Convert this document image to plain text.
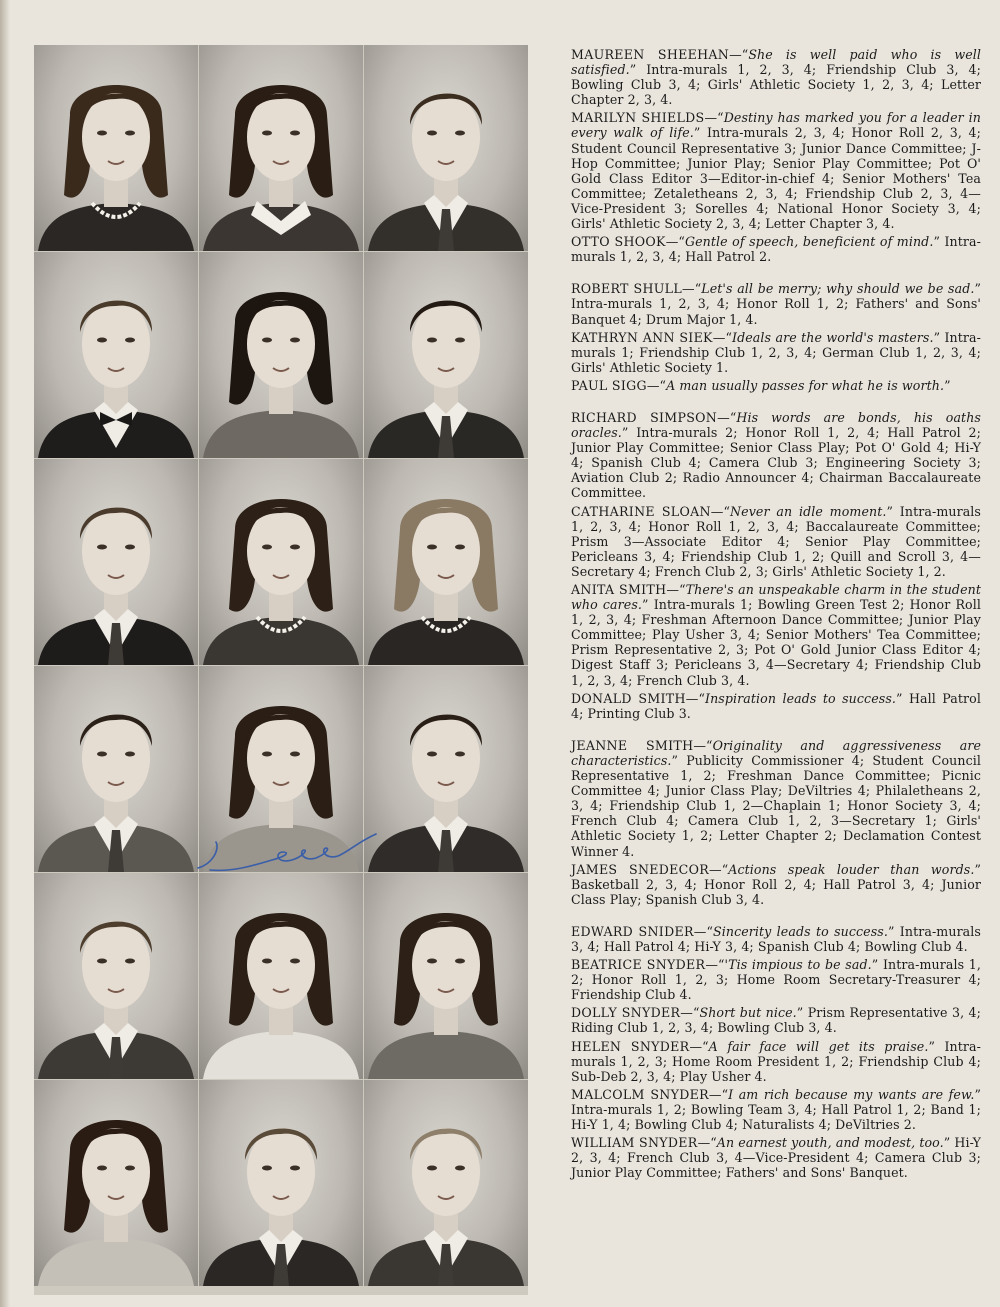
MAUREEN SHEEHAN—“She is well paid who is well satisfied.” Intra-murals 1, 2, 3, 4; Friendship Club 3, 4; Bowling Club 3, 4; Girls' Athletic Society 1, 2, 3, 4; Letter Chapter 2, 3, 4.

MARILYN SHIELDS—“Destiny has marked you for a leader in every walk of life.” Intra-murals 2, 3, 4; Honor Roll 2, 3, 4; Student Council Representative 3; Junior Dance Committee; J-Hop Committee; Junior Play; Senior Play Committee; Pot O' Gold Class Editor 3—Editor-in-chief 4; Senior Mothers' Tea Committee; Zetaletheans 2, 3, 4; Friendship Club 2, 3, 4—Vice-President 3; Sorelles 4; National Honor Society 3, 4; Girls' Athletic Society 2, 3, 4; Letter Chapter 3, 4.

OTTO SHOOK—“Gentle of speech, beneficient of mind.” Intra-murals 1, 2, 3, 4; Hall Patrol 2.

ROBERT SHULL—“Let's all be merry; why should we be sad.” Intra-murals 1, 2, 3, 4; Honor Roll 1, 2; Fathers' and Sons' Banquet 4; Drum Major 1, 4.

KATHRYN ANN SIEK—“Ideals are the world's masters.” Intra-murals 1; Friendship Club 1, 2, 3, 4; German Club 1, 2, 3, 4; Girls' Athletic Society 1.

PAUL SIGG—“A man usually passes for what he is worth.”

RICHARD SIMPSON—“His words are bonds, his oaths oracles.” Intra-murals 2; Honor Roll 1, 2, 4; Hall Patrol 2; Junior Play Committee; Senior Class Play; Pot O' Gold 4; Hi-Y 4; Spanish Club 4; Camera Club 3; Engineering Society 3; Aviation Club 2; Radio Announcer 4; Chairman Baccalaureate Committee.

CATHARINE SLOAN—“Never an idle moment.” Intra-murals 1, 2, 3, 4; Honor Roll 1, 2, 3, 4; Baccalaureate Committee; Prism 3—Associate Editor 4; Senior Play Committee; Pericleans 3, 4; Friendship Club 1, 2; Quill and Scroll 3, 4—Secretary 4; French Club 2, 3; Girls' Athletic Society 1, 2.

ANITA SMITH—“There's an unspeakable charm in the student who cares.” Intra-murals 1; Bowling Green Test 2; Honor Roll 1, 2, 3, 4; Freshman Afternoon Dance Committee; Junior Play Committee; Play Usher 3, 4; Senior Mothers' Tea Committee; Prism Representative 2, 3; Pot O' Gold Junior Class Editor 4; Digest Staff 3; Pericleans 3, 4—Secretary 4; Friendship Club 1, 2, 3, 4; French Club 3, 4.

DONALD SMITH—“Inspiration leads to success.” Hall Patrol 4; Printing Club 3.

JEANNE SMITH—“Originality and aggressiveness are characteristics.” Publicity Commissioner 4; Student Council Representative 1, 2; Freshman Dance Committee; Picnic Committee 4; Junior Class Play; DeViltries 4; Philaletheans 2, 3, 4; Friendship Club 1, 2—Chaplain 1; Honor Society 3, 4; French Club 4; Camera Club 1, 2, 3—Secretary 1; Girls' Athletic Society 1, 2; Letter Chapter 2; Declamation Contest Winner 4.

JAMES SNEDECOR—“Actions speak louder than words.” Basketball 2, 3, 4; Honor Roll 2, 4; Hall Patrol 3, 4; Junior Class Play; Spanish Club 3, 4.

EDWARD SNIDER—“Sincerity leads to success.” Intra-murals 3, 4; Hall Patrol 4; Hi-Y 3, 4; Spanish Club 4; Bowling Club 4.

BEATRICE SNYDER—“'Tis impious to be sad.” Intra-murals 1, 2; Honor Roll 1, 2, 3; Home Room Secretary-Treasurer 4; Friendship Club 4.

DOLLY SNYDER—“Short but nice.” Prism Representative 3, 4; Riding Club 1, 2, 3, 4; Bowling Club 3, 4.

HELEN SNYDER—“A fair face will get its praise.” Intra-murals 1, 2, 3; Home Room President 1, 2; Friendship Club 4; Sub-Deb 2, 3, 4; Play Usher 4.

MALCOLM SNYDER—“I am rich because my wants are few.” Intra-murals 1, 2; Bowling Team 3, 4; Hall Patrol 1, 2; Band 1; Hi-Y 1, 4; Bowling Club 4; Naturalists 4; DeViltries 2.

WILLIAM SNYDER—“An earnest youth, and modest, too.” Hi-Y 2, 3, 4; French Club 3, 4—Vice-President 4; Camera Club 3; Junior Play Committee; Fathers' and Sons' Banquet.
